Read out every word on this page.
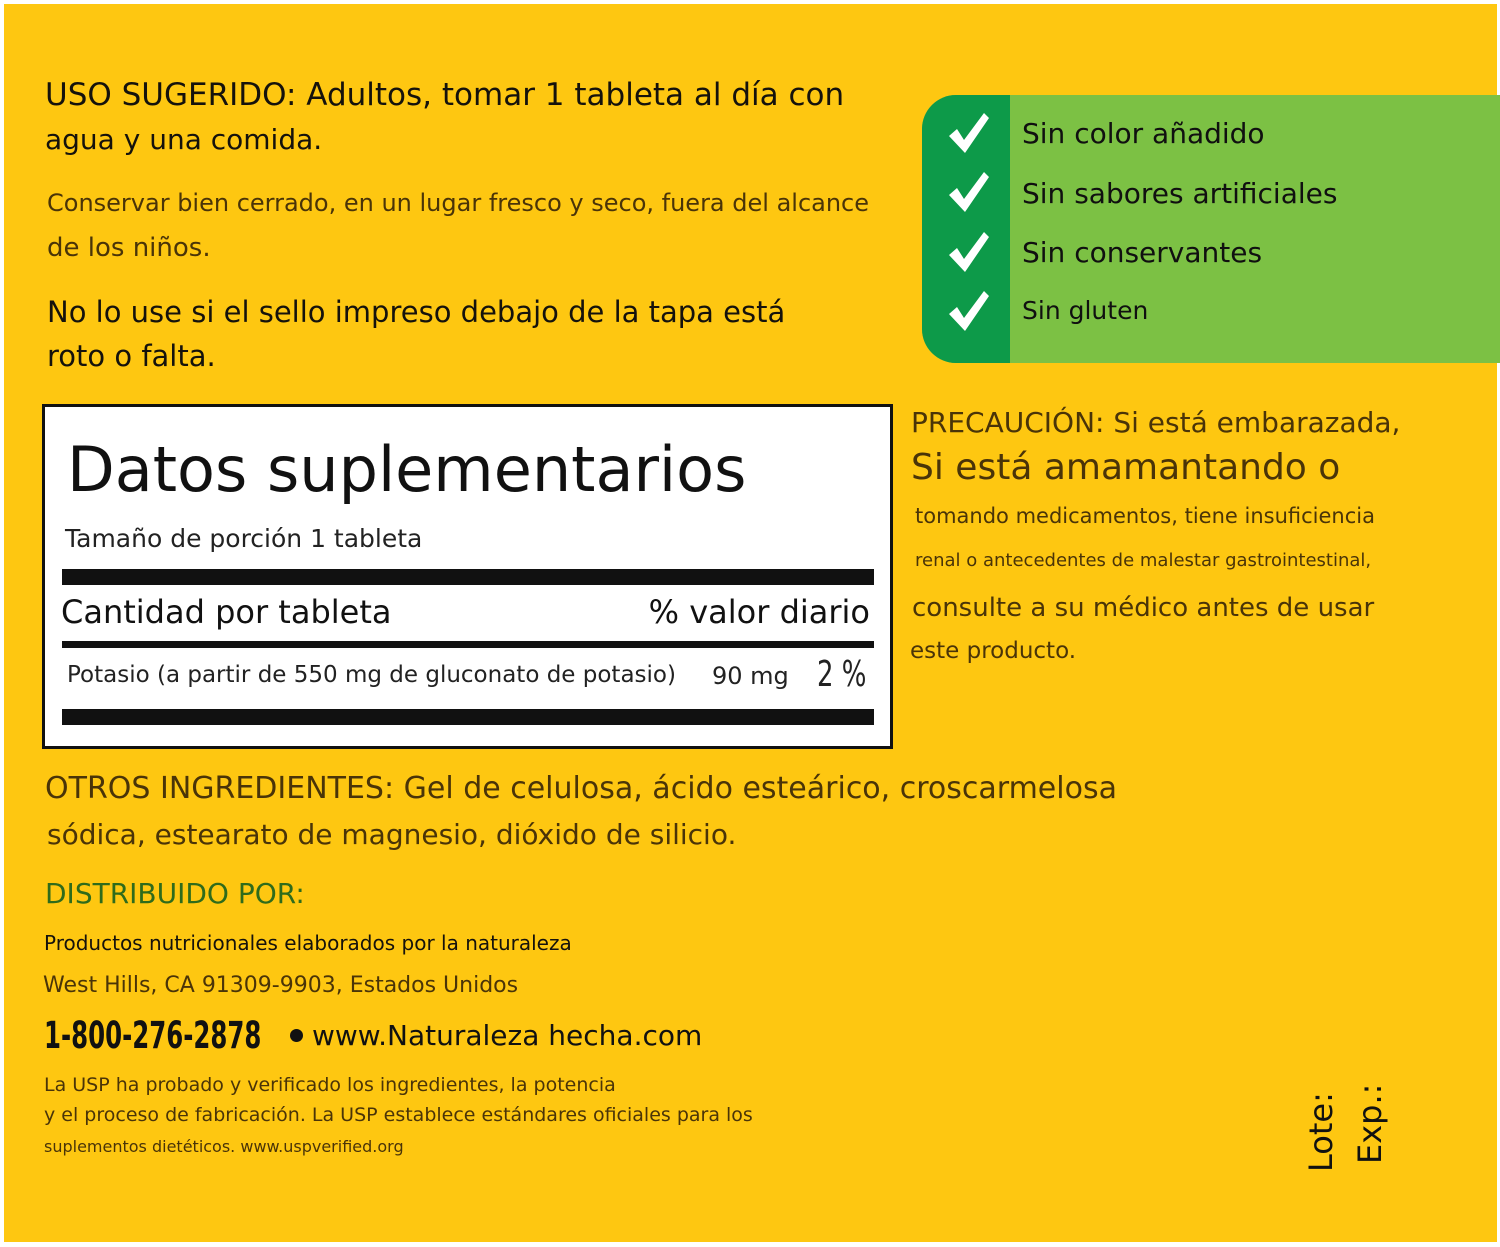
USO SUGERIDO: Adultos, tomar 1 tableta al día con

agua y una comida.

Conservar bien cerrado, en un lugar fresco y seco, fuera del alcance

de los niños.

No lo use si el sello impreso debajo de la tapa está

roto o falta.

Sin color añadido
Sin sabores artificiales
Sin conservantes
Sin gluten
Datos suplementarios
Tamaño de porción 1 tableta
Cantidad por tableta	% valor diario
Potasio (a partir de 550 mg de gluconato de potasio) 90 mg 2 %

PRECAUCIÓN: Si está embarazada,

Si está amamantando o

tomando medicamentos, tiene insuficiencia

renal o antecedentes de malestar gastrointestinal,

consulte a su médico antes de usar

este producto.

OTROS INGREDIENTES: Gel de celulosa, ácido esteárico, croscarmelosa

sódica, estearato de magnesio, dióxido de silicio.

DISTRIBUIDO POR:

Productos nutricionales elaborados por la naturaleza

West Hills, CA 91309-9903, Estados Unidos

1-800-276-2878 www.Naturaleza hecha.com

La USP ha probado y verificado los ingredientes, la potencia

y el proceso de fabricación. La USP establece estándares oficiales para los

suplementos dietéticos. www.uspverified.org	Lote: Exp.:
